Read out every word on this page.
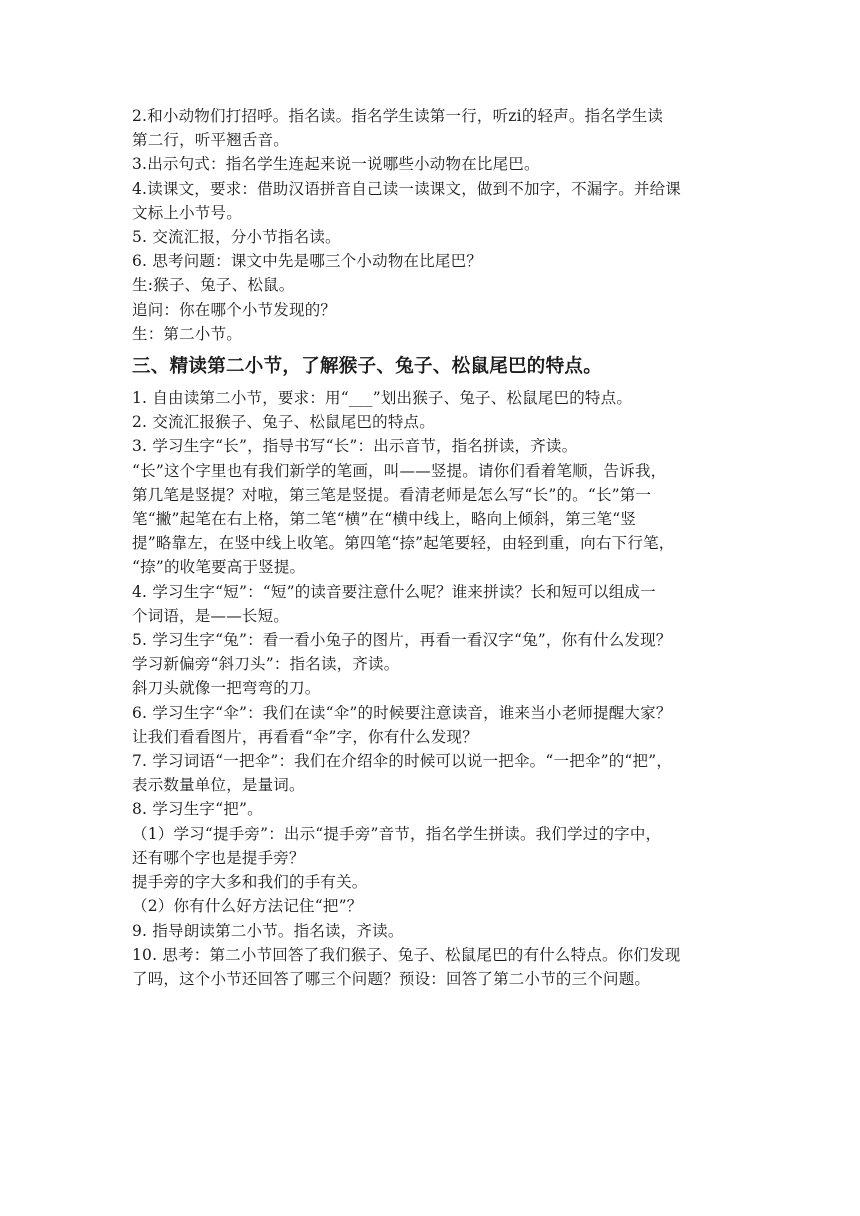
2.和小动物们打招呼。指名读。指名学生读第一行，听zi的轻声。指名学生读
第二行，听平翘舌音。
3.出示句式：指名学生连起来说一说哪些小动物在比尾巴。
4.读课文，要求：借助汉语拼音自己读一读课文，做到不加字，不漏字。并给课
文标上小节号。
5. 交流汇报，分小节指名读。
6. 思考问题：课文中先是哪三个小动物在比尾巴？
生:猴子、兔子、松鼠。
追问：你在哪个小节发现的？
生：第二小节。
三、精读第二小节，了解猴子、兔子、松鼠尾巴的特点。
1. 自由读第二小节，要求：用“___”划出猴子、兔子、松鼠尾巴的特点。
2. 交流汇报猴子、兔子、松鼠尾巴的特点。
3. 学习生字“长”，指导书写“长”：出示音节，指名拼读，齐读。
“长”这个字里也有我们新学的笔画，叫——竖提。请你们看着笔顺，告诉我，
第几笔是竖提？对啦，第三笔是竖提。看清老师是怎么写“长”的。“长”第一
笔“撇”起笔在右上格，第二笔“横”在“横中线上，略向上倾斜，第三笔“竖
提”略靠左，在竖中线上收笔。第四笔“捺”起笔要轻，由轻到重，向右下行笔，
“捺”的收笔要高于竖提。
4. 学习生字“短”：“短”的读音要注意什么呢？谁来拼读？长和短可以组成一
个词语，是——长短。
5. 学习生字“兔”：看一看小兔子的图片，再看一看汉字“兔”，你有什么发现？
学习新偏旁“斜刀头”：指名读，齐读。
斜刀头就像一把弯弯的刀。
6. 学习生字“伞”：我们在读“伞”的时候要注意读音，谁来当小老师提醒大家？
让我们看看图片，再看看“伞”字，你有什么发现？
7. 学习词语“一把伞”：我们在介绍伞的时候可以说一把伞。“一把伞”的“把”，
表示数量单位，是量词。
8. 学习生字“把”。
（1）学习“提手旁”：出示“提手旁”音节，指名学生拼读。我们学过的字中，
还有哪个字也是提手旁？
提手旁的字大多和我们的手有关。
（2）你有什么好方法记住“把”？
9. 指导朗读第二小节。指名读，齐读。
10. 思考：第二小节回答了我们猴子、兔子、松鼠尾巴的有什么特点。你们发现
了吗，这个小节还回答了哪三个问题？预设：回答了第二小节的三个问题。
